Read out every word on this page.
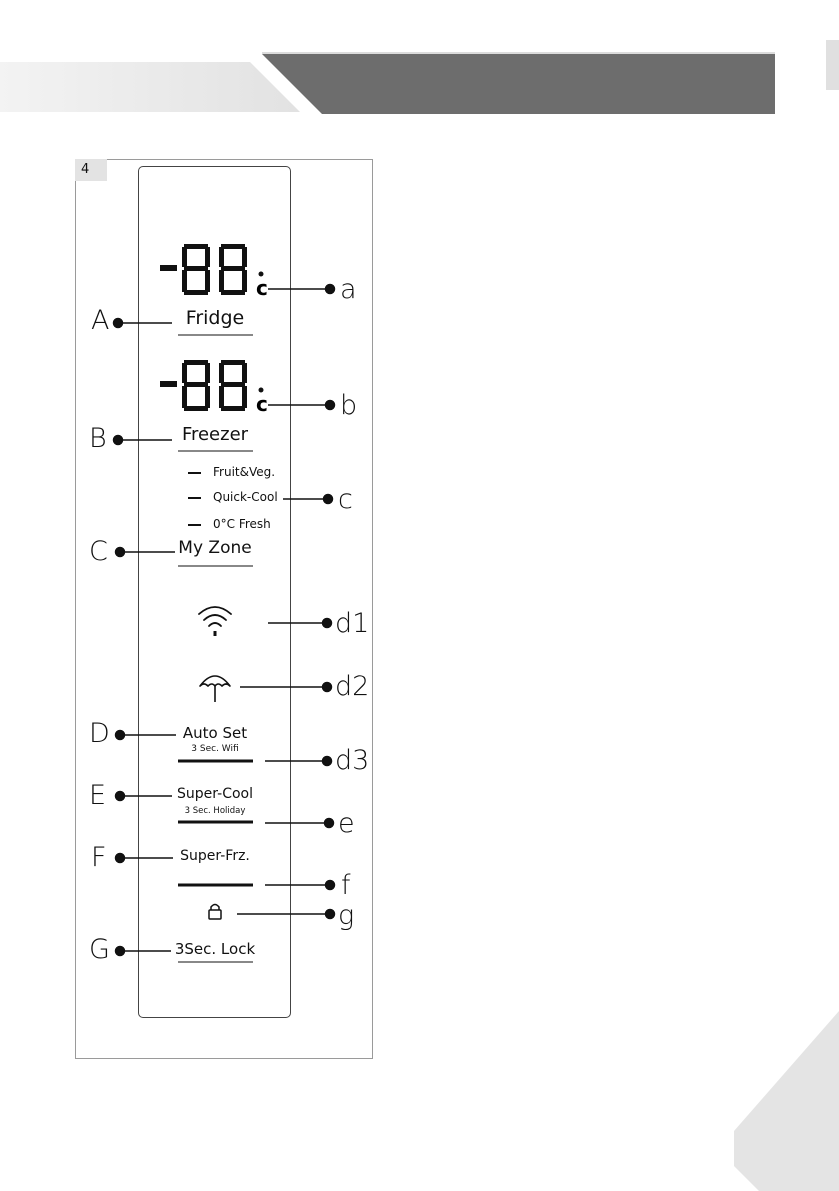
4
c
c
Fridge
Freezer
Fruit&Veg.
Quick-Cool
0°C Fresh
My Zone
Auto Set
3 Sec. Wifi
Super-Cool
3 Sec. Holiday
Super-Frz.
3Sec. Lock
A
B
C
D
E
F
G
a
b
c
d1
d2
d3
e
f
g
